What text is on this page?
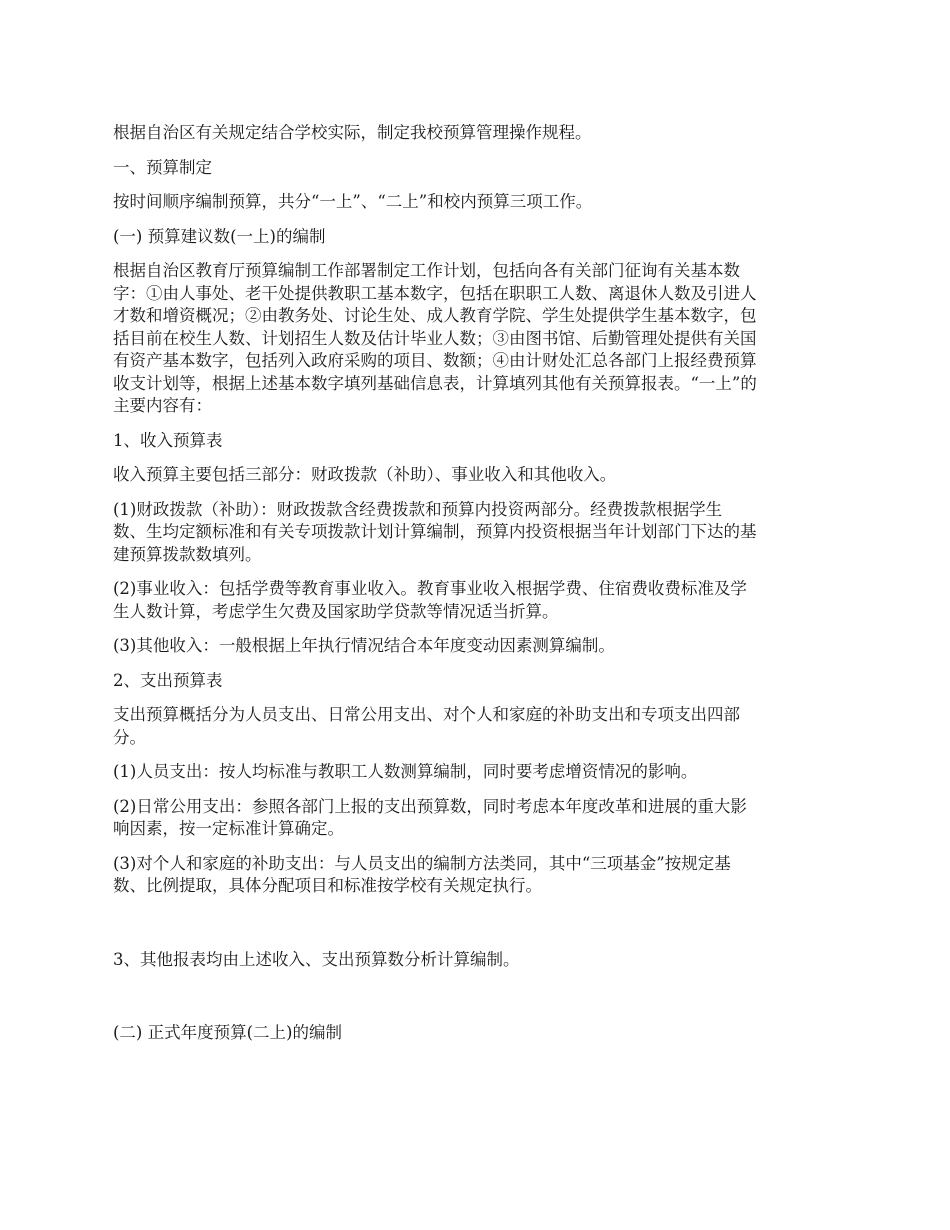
根据自治区有关规定结合学校实际，制定我校预算管理操作规程。

一、预算制定

按时间顺序编制预算，共分“一上”、“二上”和校内预算三项工作。

(一) 预算建议数(一上)的编制

根据自治区教育厅预算编制工作部署制定工作计划，包括向各有关部门征询有关基本数
字：①由人事处、老干处提供教职工基本数字，包括在职职工人数、离退休人数及引进人
才数和增资概况；②由教务处、讨论生处、成人教育学院、学生处提供学生基本数字，包
括目前在校生人数、计划招生人数及估计毕业人数；③由图书馆、后勤管理处提供有关国
有资产基本数字，包括列入政府采购的项目、数额；④由计财处汇总各部门上报经费预算
收支计划等，根据上述基本数字填列基础信息表，计算填列其他有关预算报表。“一上”的
主要内容有：

1、收入预算表

收入预算主要包括三部分：财政拨款（补助）、事业收入和其他收入。

(1)财政拨款（补助）：财政拨款含经费拨款和预算内投资两部分。经费拨款根据学生
数、生均定额标准和有关专项拨款计划计算编制，预算内投资根据当年计划部门下达的基
建预算拨款数填列。

(2)事业收入：包括学费等教育事业收入。教育事业收入根据学费、住宿费收费标准及学
生人数计算，考虑学生欠费及国家助学贷款等情况适当折算。

(3)其他收入：一般根据上年执行情况结合本年度变动因素测算编制。

2、支出预算表

支出预算概括分为人员支出、日常公用支出、对个人和家庭的补助支出和专项支出四部
分。

(1)人员支出：按人均标准与教职工人数测算编制，同时要考虑增资情况的影响。

(2)日常公用支出：参照各部门上报的支出预算数，同时考虑本年度改革和进展的重大影
响因素，按一定标准计算确定。

(3)对个人和家庭的补助支出：与人员支出的编制方法类同，其中“三项基金”按规定基
数、比例提取，具体分配项目和标准按学校有关规定执行。

3、其他报表均由上述收入、支出预算数分析计算编制。

(二) 正式年度预算(二上)的编制
